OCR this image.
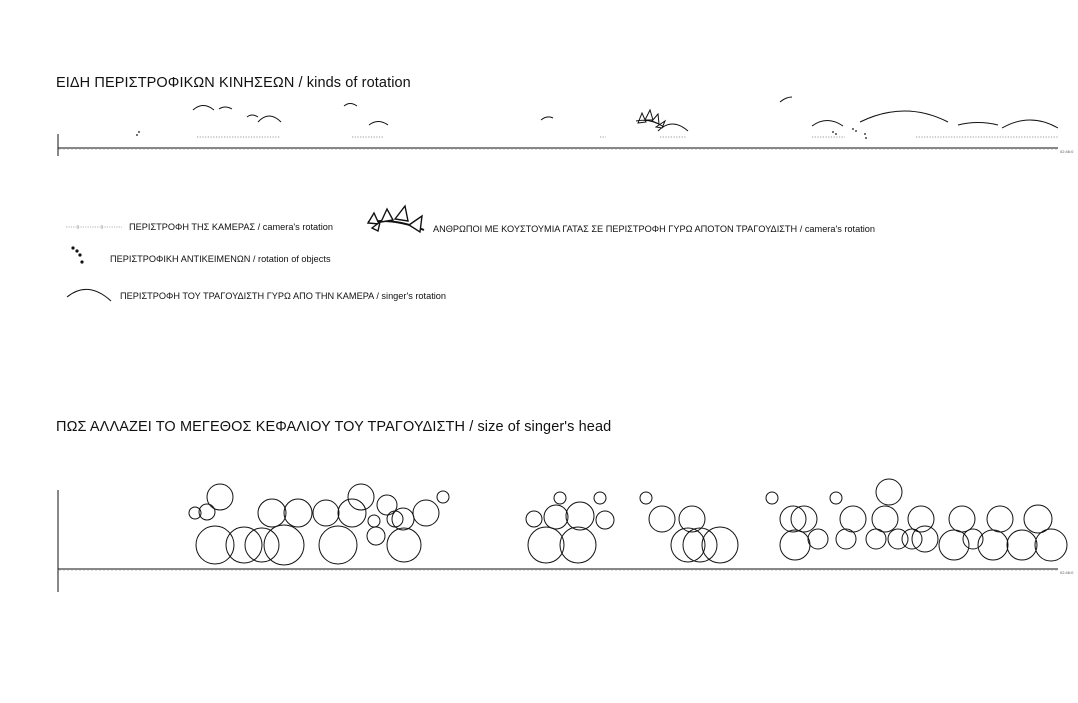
ΕΙΔΗ ΠΕΡΙΣΤΡΟΦΙΚΩΝ ΚΙΝΗΣΕΩΝ / kinds of rotation
02:46:0
ΠΕΡΙΣΤΡΟΦΗ ΤΗΣ ΚΑΜΕΡΑΣ / camera's rotation	ΑΝΘΡΩΠΟΙ ΜΕ ΚΟΥΣΤΟΥΜΙΑ ΓΑΤΑΣ ΣΕ ΠΕΡΙΣΤΡΟΦΗ ΓΥΡΩ ΑΠΟΤΟΝ ΤΡΑΓΟΥΔΙΣΤΗ / camera's rotation
ΠΕΡΙΣΤΡΟΦΙΚΗ ΑΝΤΙΚΕΙΜΕΝΩΝ / rotation of objects
ΠΕΡΙΣΤΡΟΦΗ ΤΟΥ ΤΡΑΓΟΥΔΙΣΤΗ ΓΥΡΩ ΑΠΟ ΤΗΝ ΚΑΜΕΡΑ / singer's rotation
ΠΩΣ ΑΛΛΑΖΕΙ ΤΟ ΜΕΓΕΘΟΣ ΚΕΦΑΛΙΟΥ ΤΟΥ ΤΡΑΓΟΥΔΙΣΤΗ / size of singer's head
02:46:0
